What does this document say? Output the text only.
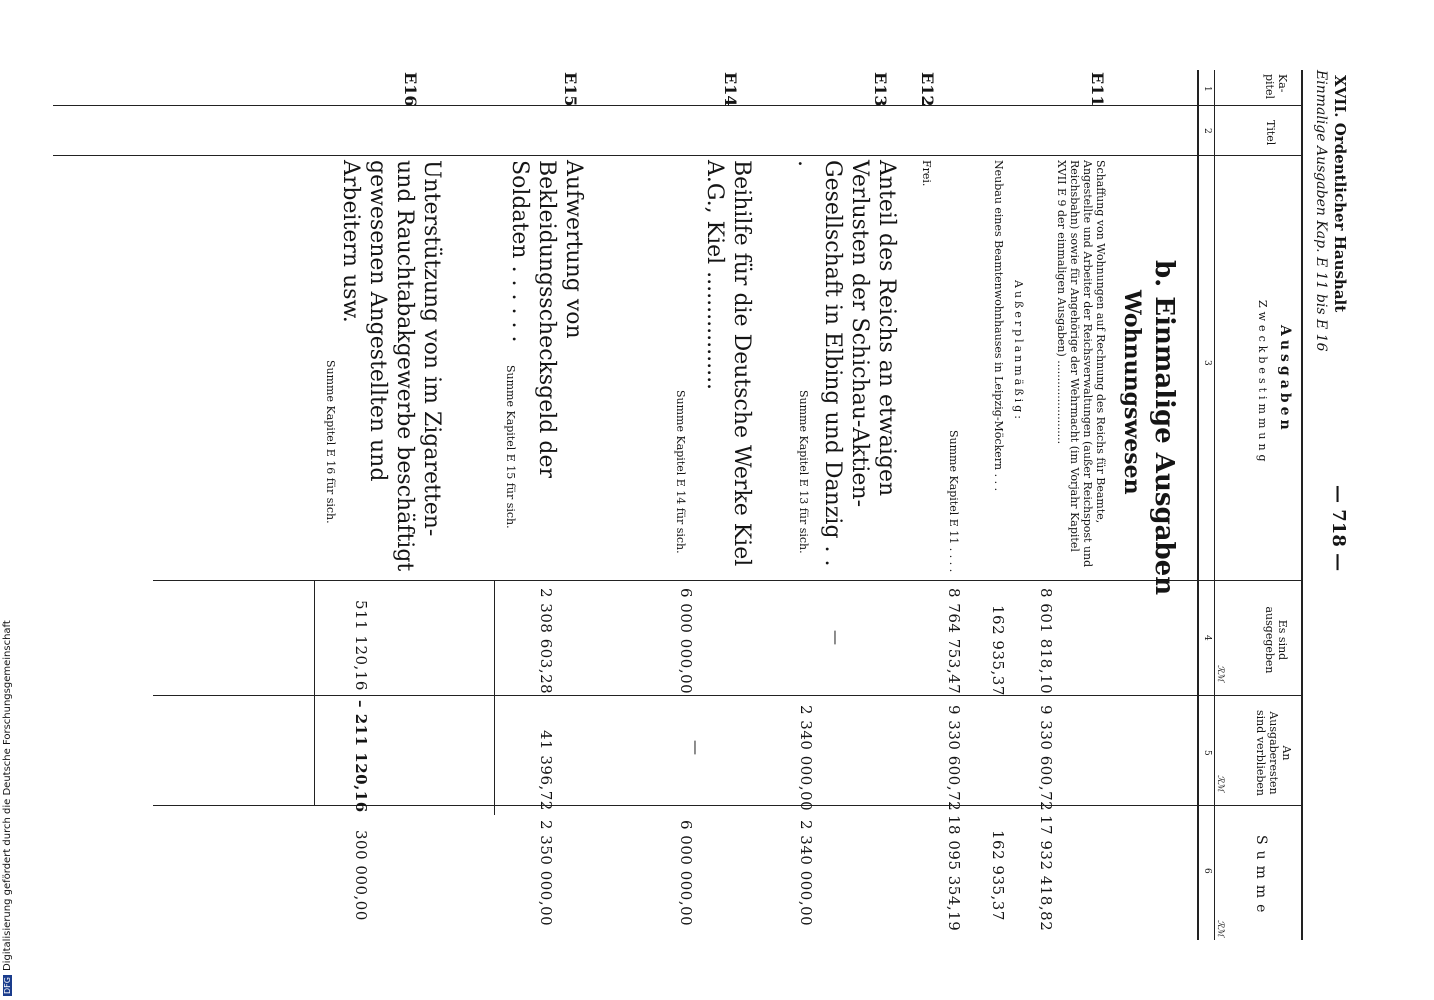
XVII. Ordentlicher Haushalt
— 718 —
Einmalige Ausgaben Kap. E 11 bis E 16
Ka-
pitel
Titel
Ausgaben
Zweckbestimmung
Es sind
ausgegeben
An
Ausgaberesten
sind verblieben
Summe
ℛℳ
ℛℳ
ℛℳ
1
2
3
4
5
6
b. Einmalige Ausgaben
Wohnungswesen
E11
Schaffung von Wohnungen auf Rechnung des Reichs für Beamte, Angestellte und Arbeiter der Reichsverwaltungen (außer Reichspost und Reichsbahn) sowie für Angehörige der Wehrmacht (im Vorjahr Kapitel XVII E 9 der einmaligen Ausgaben) ........................
8 601 818,10
9 330 600,72
17 932 418,82
Außerplanmäßig:
Neubau eines Beamtenwohnhauses in Leipzig-Möckern . . .
162 935,37
162 935,37
Summe Kapitel E 11 . . . .
8 764 753,47
9 330 600,72
18 095 354,19
E12
Frei.
E13
Anteil des Reichs an etwaigen Verlusten der Schichau-Aktien-Gesellschaft in Elbing und Danzig . . .
Summe Kapitel E 13 für sich.
—
2 340 000,00
2 340 000,00
E14
Beihilfe für die Deutsche Werke Kiel A.G., Kiel .................
Summe Kapitel E 14 für sich.
6 000 000,00
—
6 000 000,00
E15
Aufwertung von Bekleidungsschecksgeld der Soldaten . . . . . .
Summe Kapitel E 15 für sich.
2 308 603,28
41 396,72
2 350 000,00
E16
Unterstützung von im Zigaretten- und Rauchtabakgewerbe beschäftigt gewesenen Angestellten und Arbeitern usw.
Summe Kapitel E 16 für sich.
511 120,16
– 211 120,16
300 000,00
DFGDigitalisierung gefördert durch die Deutsche Forschungsgemeinschaft
